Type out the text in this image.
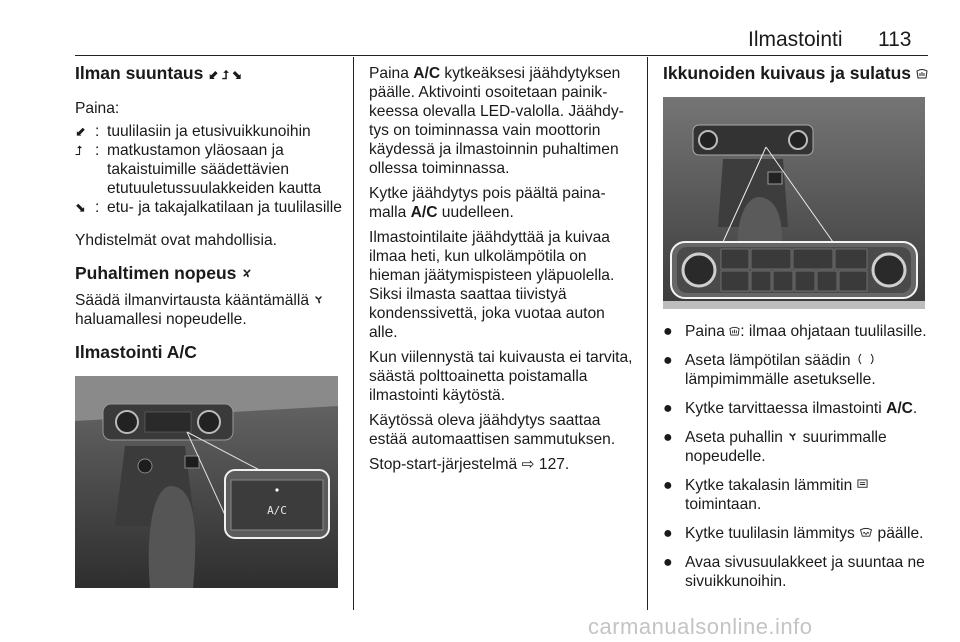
Ilmastointi 113

Ilman suuntaus ⬋ ⮥ ⬊

Paina:

⬋ : tuulilasiin ja etusivuikkunoihin
⮥ : matkustamon yläosaan ja takaistuimille säädettävien etutuuletussuulakkeiden kautta
⬊ : etu- ja takajalkatilaan ja tuulilasille

Yhdistelmät ovat mahdollisia.

Puhaltimen nopeus

Säädä ilmanvirtausta kääntämällä
haluamallesi nopeudelle.

Ilmastointi A/C

A/C

Paina A/C kytkeäksesi jäähdytyksen päälle. Aktivointi osoitetaan painikkeessa olevalla LED-valolla. Jäähdytys on toiminnassa vain moottorin käydessä ja ilmastoinnin puhaltimen ollessa toiminnassa.

Kytke jäähdytys pois päältä painamalla A/C uudelleen.

Ilmastointilaite jäähdyttää ja kuivaa ilmaa heti, kun ulkolämpötila on hieman jäätymispisteen yläpuolella. Siksi ilmasta saattaa tiivistyä kondenssivettä, joka vuotaa auton alle.

Kun viilennystä tai kuivausta ei tarvita, säästä polttoainetta poistamalla ilmastointi käytöstä.

Käytössä oleva jäähdytys saattaa estää automaattisen sammutuksen.

Stop-start-järjestelmä ⇨ 127.

Ikkunoiden kuivaus ja sulatus

● Paina : ilmaa ohjataan tuulilasille.
● Aseta lämpötilan säädin  lämpimimmälle asetukselle.
● Kytke tarvittaessa ilmastointi A/C.
● Aseta puhallin  suurimmalle nopeudelle.
● Kytke takalasin lämmitin  toimintaan.
● Kytke tuulilasin lämmitys  päälle.
● Avaa sivusuulakkeet ja suuntaa ne sivuikkunoihin.
carmanualsonline.info
